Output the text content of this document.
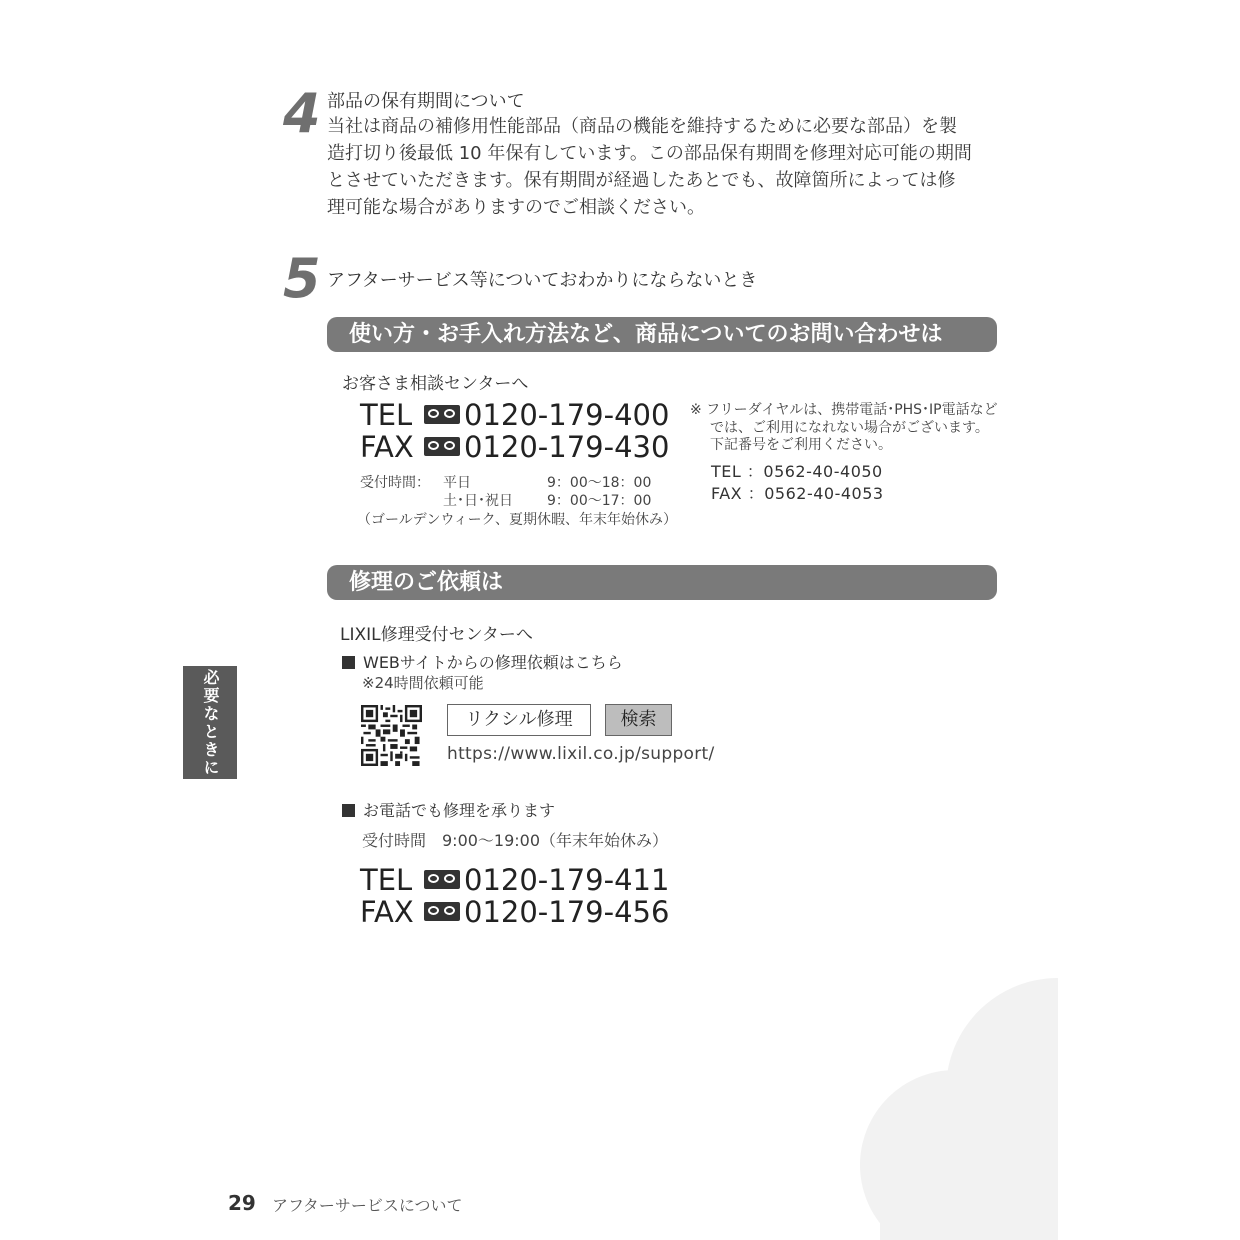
4 部品の保有期間について
当社は商品の補修用性能部品（商品の機能を維持するために必要な部品）を製
造打切り後最低 10 年保有しています。この部品保有期間を修理対応可能の期間
とさせていただきます。保有期間が経過したあとでも、故障箇所によっては修
理可能な場合がありますのでご相談ください。
5 アフターサービス等についておわかりにならないとき
使い方・お手入れ方法など、商品についてのお問い合わせは
お客さま相談センターへ
TEL 0120-179-400
FAX 0120-179-430
受付時間： 平日	9：00〜18：00
土･日･祝日 9：00〜17：00
（ゴールデンウィーク、夏期休暇、年末年始休み）
※ フリーダイヤルは、携帯電話･PHS･IP電話など
では、ご利用になれない場合がございます。
下記番号をご利用ください。
TEL ：0562-40-4050
FAX ：0562-40-4053
修理のご依頼は
LIXIL修理受付センターへ
WEBサイトからの修理依頼はこちら
※24時間依頼可能
リクシル修理	検索
https://www.lixil.co.jp/support/
お電話でも修理を承ります
受付時間　9:00〜19:00（年末年始休み）
TEL 0120-179-411
FAX 0120-179-456
必要なときに
29 アフターサービスについて
